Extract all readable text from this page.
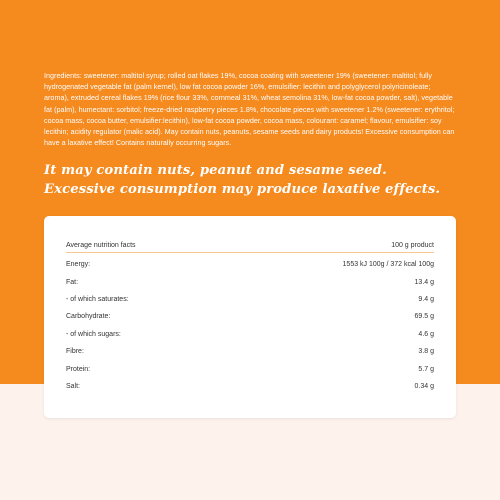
Ingredients: sweetener: maltitol syrup; rolled oat flakes 19%, cocoa coating with sweetener 19% (sweetener: maltitol; fully hydrogenated vegetable fat (palm kernel), low fat cocoa powder 16%, emulsifier: lecithin and polyglycerol polyricinoleate; aroma), extruded cereal flakes 19% (rice flour 33%, cornmeal 31%, wheat semolina 31%, low-fat cocoa powder, salt), vegetable fat (palm), humectant: sorbitol; freeze-dried raspberry pieces 1.8%, chocolate pieces with sweetener 1.2% (sweetener: erythritol; cocoa mass, cocoa butter, emulsifier:lecithin), low-fat cocoa powder, cocoa mass, colourant: caramel; flavour, emulsifier: soy lecithin; acidity regulator (malic acid). May contain nuts, peanuts, sesame seeds and dairy products! Excessive consumption can have a laxative effect! Contains naturally occurring sugars.

It may contain nuts, peanut and sesame seed. Excessive consumption may produce laxative effects.

Average nutrition facts	100 g product
Energy:	1553 kJ 100g / 372 kcal 100g
Fat:	13.4 g
- of which saturates:	9.4 g
Carbohydrate:	69.5 g
- of which sugars:	4.6 g
Fibre:	3.8 g
Protein:	5.7 g
Salt:	0.34 g
